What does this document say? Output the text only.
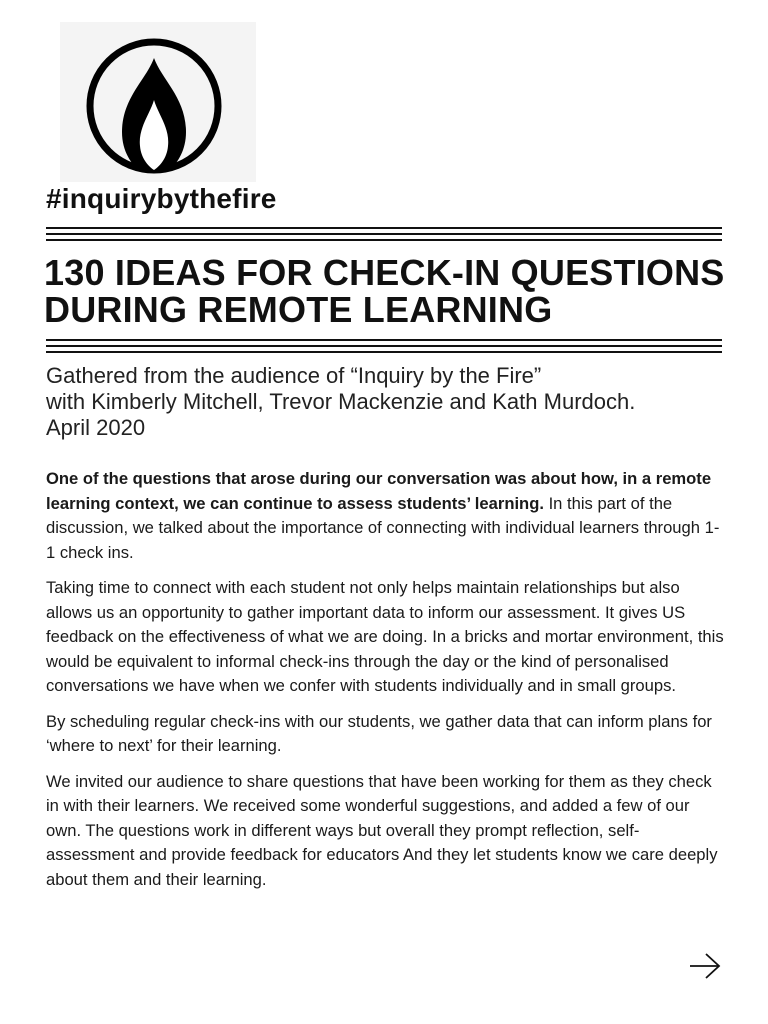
#inquirybythefire
130 IDEAS FOR CHECK-IN QUESTIONS
DURING REMOTE LEARNING
Gathered from the audience of “Inquiry by the Fire”
with Kimberly Mitchell, Trevor Mackenzie and Kath Murdoch.
April 2020

One of the questions that arose during our conversation was about how, in a remote learning context, we can continue to assess students’ learning. In this part of the discussion, we talked about the importance of connecting with individual learners through 1-1 check ins.

Taking time to connect with each student not only helps maintain relationships but also allows us an opportunity to gather important data to inform our assessment. It gives US feedback on the effectiveness of what we are doing. In a bricks and mortar environment, this would be equivalent to informal check-ins through the day or the kind of personalised conversations we have when we confer with students individually and in small groups.

By scheduling regular check-ins with our students, we gather data that can inform plans for ‘where to next’ for their learning.

We invited our audience to share questions that have been working for them as they check in with their learners. We received some wonderful suggestions, and added a few of our own. The questions work in different ways but overall they prompt reflection, self-assessment and provide feedback for educators And they let students know we care deeply about them and their learning.
